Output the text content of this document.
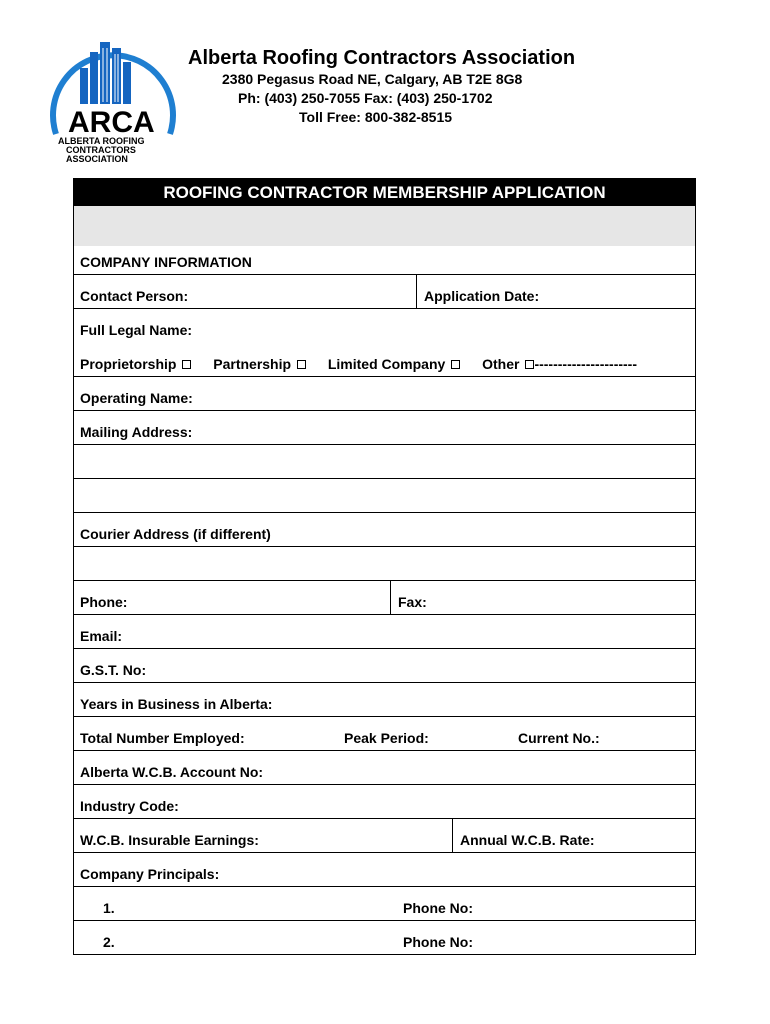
ARCA
ALBERTA ROOFING
CONTRACTORS
ASSOCIATION
Alberta Roofing Contractors Association
2380 Pegasus Road NE, Calgary, AB T2E 8G8
Ph: (403) 250-7055 Fax: (403) 250-1702
Toll Free: 800-382-8515
ROOFING CONTRACTOR MEMBERSHIP APPLICATION
COMPANY INFORMATION
Contact Person:	Application Date:
Full Legal Name:
Proprietorship	Partnership	Limited Company	Other ----------------------
Operating Name:
Mailing Address:
Courier Address (if different)
Phone:	Fax:
Email:
G.S.T. No:
Years in Business in Alberta:
Total Number Employed:	Peak Period:	Current No.:
Alberta W.C.B. Account No:
Industry Code:
W.C.B. Insurable Earnings:	Annual W.C.B. Rate:
Company Principals:
1.	Phone No:
2.	Phone No:
